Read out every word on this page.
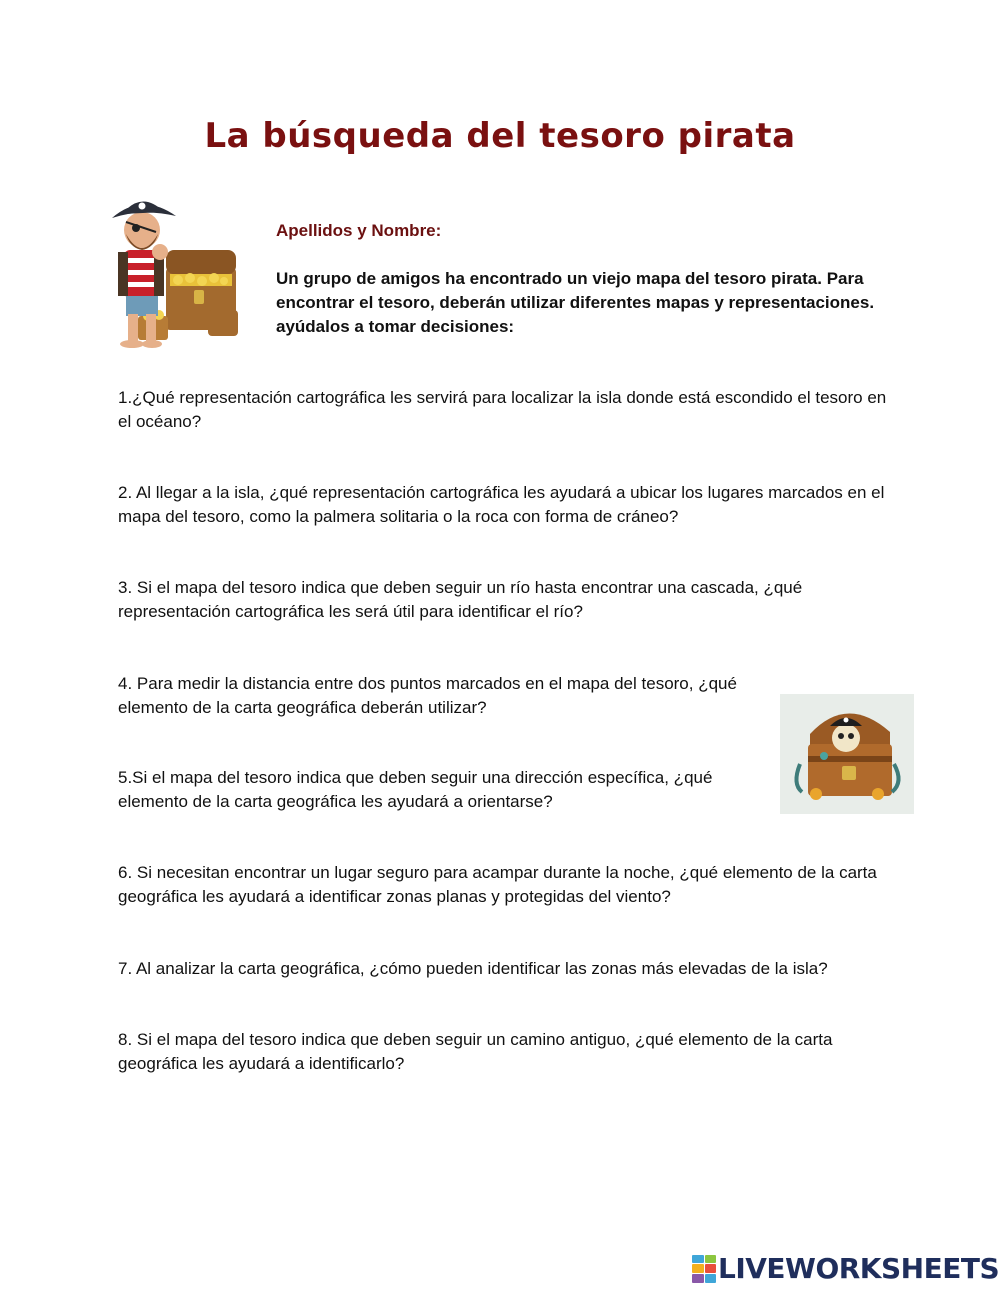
La búsqueda del tesoro pirata
Apellidos y Nombre:
Un grupo de amigos ha encontrado un viejo mapa del tesoro pirata. Para encontrar el tesoro, deberán utilizar diferentes mapas y representaciones. ayúdalos a tomar decisiones:
1.¿Qué representación cartográfica les servirá para localizar la isla donde está escondido el tesoro en el océano?
2. Al llegar a la isla, ¿qué representación cartográfica les ayudará a ubicar los lugares marcados en el mapa del tesoro, como la palmera solitaria o la roca con forma de cráneo?
3. Si el mapa del tesoro indica que deben seguir un río hasta encontrar una cascada, ¿qué representación cartográfica les será útil para identificar el río?
4. Para medir la distancia entre dos puntos marcados en el mapa del tesoro, ¿qué elemento de la carta geográfica deberán utilizar?
5.Si el mapa del tesoro indica que deben seguir una dirección específica, ¿qué elemento de la carta geográfica les ayudará a orientarse?
6. Si necesitan encontrar un lugar seguro para acampar durante la noche, ¿qué elemento de la carta geográfica les ayudará a identificar zonas planas y protegidas del viento?
7. Al analizar la carta geográfica, ¿cómo pueden identificar las zonas más elevadas de la isla?
8. Si el mapa del tesoro indica que deben seguir un camino antiguo, ¿qué elemento de la carta geográfica les ayudará a identificarlo?
LIVEWORKSHEETS
